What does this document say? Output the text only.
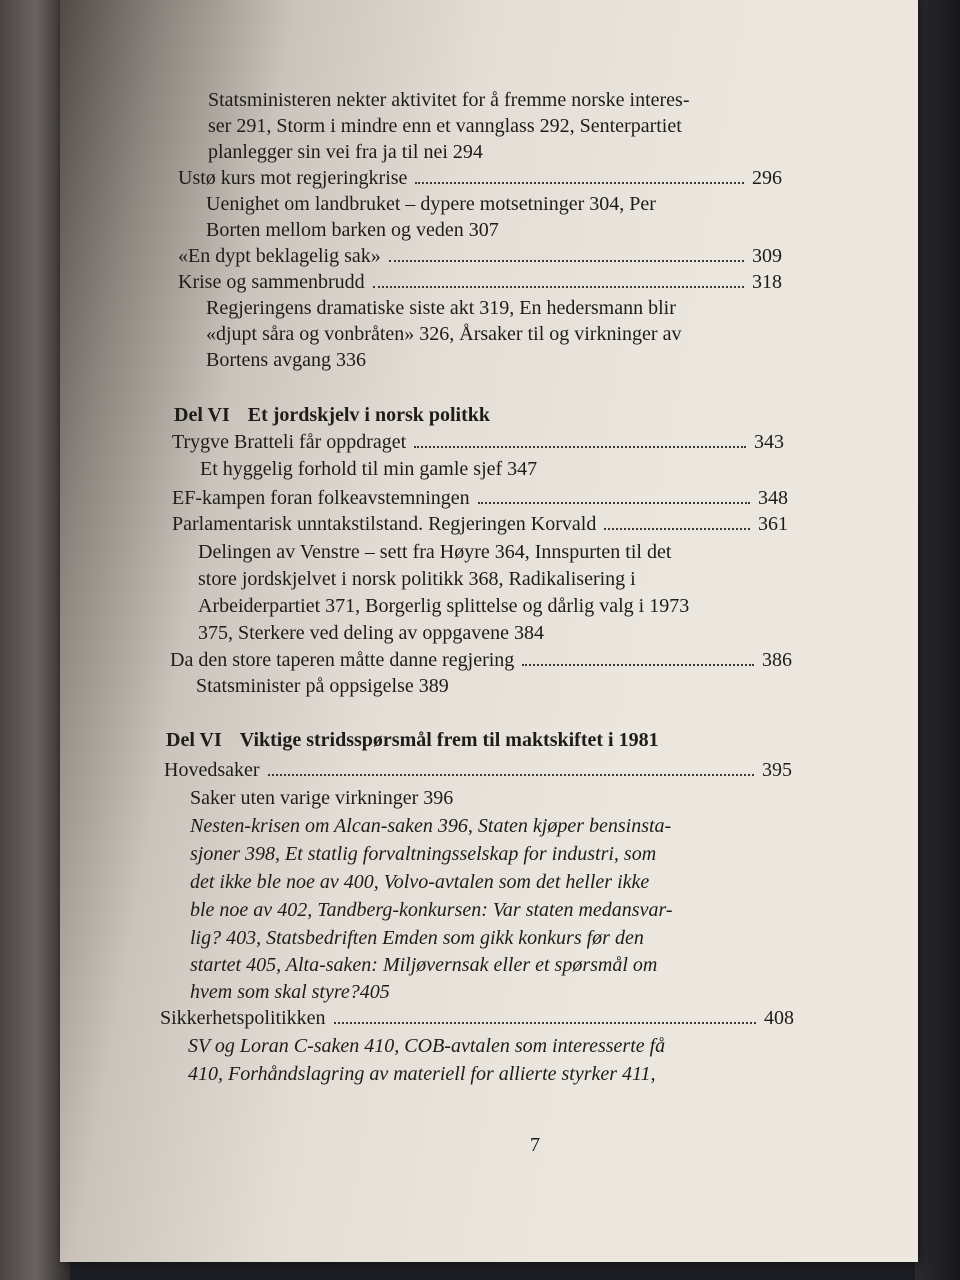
Statsministeren nekter aktivitet for å fremme norske interes-
ser 291, Storm i mindre enn et vannglass 292, Senterpartiet
planlegger sin vei fra ja til nei 294
Ustø kurs mot regjeringkrise	296
Uenighet om landbruket – dypere motsetninger 304, Per
Borten mellom barken og veden 307
«En dypt beklagelig sak»	309
Krise og sammenbrudd	318
Regjeringens dramatiske siste akt 319, En hedersmann blir
«djupt såra og vonbråten» 326, Årsaker til og virkninger av
Bortens avgang 336
Del VI Et jordskjelv i norsk politkk
Trygve Bratteli får oppdraget	343
Et hyggelig forhold til min gamle sjef 347
EF-kampen foran folkeavstemningen	348
Parlamentarisk unntakstilstand. Regjeringen Korvald	361
Delingen av Venstre – sett fra Høyre 364, Innspurten til det
store jordskjelvet i norsk politikk 368, Radikalisering i
Arbeiderpartiet 371, Borgerlig splittelse og dårlig valg i 1973
375, Sterkere ved deling av oppgavene 384
Da den store taperen måtte danne regjering	386
Statsminister på oppsigelse 389
Del VI Viktige stridsspørsmål frem til maktskiftet i 1981
Hovedsaker	395
Saker uten varige virkninger 396
Nesten-krisen om Alcan-saken 396, Staten kjøper bensinsta-
sjoner 398, Et statlig forvaltningsselskap for industri, som
det ikke ble noe av 400, Volvo-avtalen som det heller ikke
ble noe av 402, Tandberg-konkursen: Var staten medansvar-
lig? 403, Statsbedriften Emden som gikk konkurs før den
startet 405, Alta-saken: Miljøvernsak eller et spørsmål om
hvem som skal styre?405
Sikkerhetspolitikken	408
SV og Loran C-saken 410, COB-avtalen som interesserte få
410, Forhåndslagring av materiell for allierte styrker 411,
7
